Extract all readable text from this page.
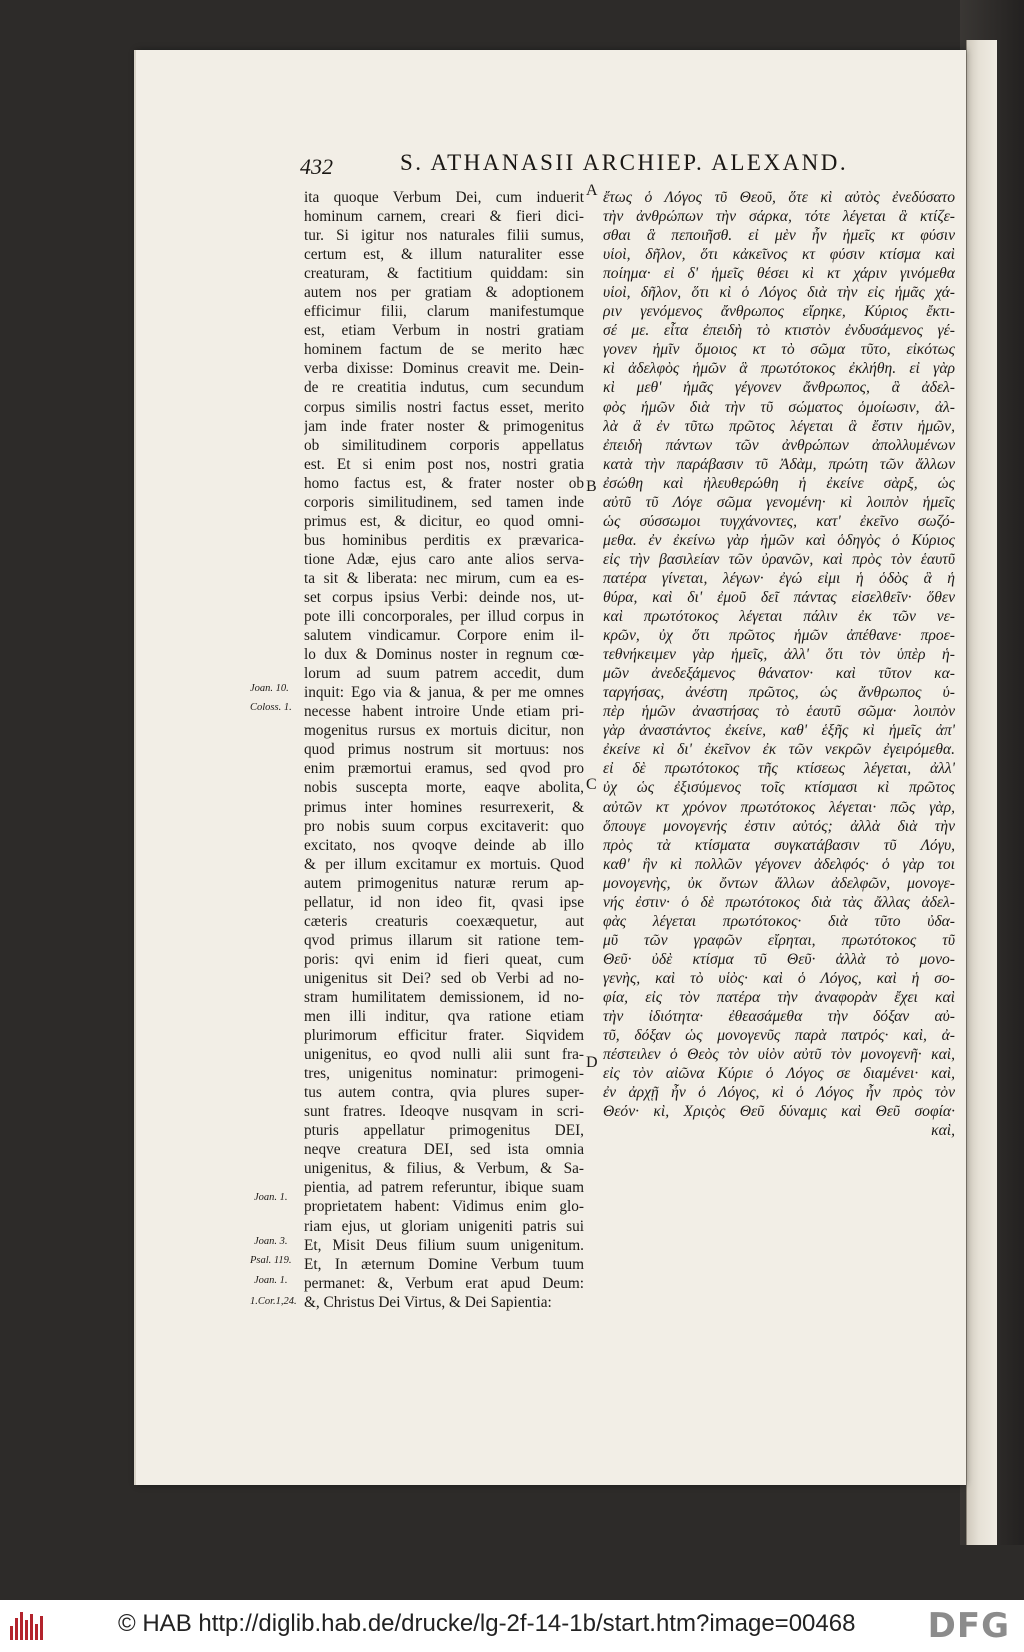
432	S. ATHANASII ARCHIEP. ALEXAND.
ita quoque Verbum Dei, cum induerit
hominum carnem, creari & fieri dici-
tur. Si igitur nos naturales filii sumus,
certum est, & illum naturaliter esse
creaturam, & factitium quiddam: sin
autem nos per gratiam & adoptionem
efficimur filii, clarum manifestumque
est, etiam Verbum in nostri gratiam
hominem factum de se merito hæc
verba dixisse: Dominus creavit me. Dein-
de re creatitia indutus, cum secundum
corpus similis nostri factus esset, merito
jam inde frater noster & primogenitus
ob similitudinem corporis appellatus
est. Et si enim post nos, nostri gratia
homo factus est, & frater noster ob
corporis similitudinem, sed tamen inde
primus est, & dicitur, eo quod omni-
bus hominibus perditis ex prævarica-
tione Adæ, ejus caro ante alios serva-
ta sit & liberata: nec mirum, cum ea es-
set corpus ipsius Verbi: deinde nos, ut-
pote illi concorporales, per illud corpus in
salutem vindicamur. Corpore enim il-
lo dux & Dominus noster in regnum cœ-
lorum ad suum patrem accedit, dum
inquit: Ego via & janua, & per me omnes
necesse habent introire Unde etiam pri-
mogenitus rursus ex mortuis dicitur, non
quod primus nostrum sit mortuus: nos
enim præmortui eramus, sed qvod pro
nobis suscepta morte, eaqve abolita,
primus inter homines resurrexerit, &
pro nobis suum corpus excitaverit: quo
excitato, nos qvoqve deinde ab illo
& per illum excitamur ex mortuis. Quod
autem primogenitus naturæ rerum ap-
pellatur, id non ideo fit, qvasi ipse
cæteris creaturis coexæquetur, aut
qvod primus illarum sit ratione tem-
poris: qvi enim id fieri queat, cum
unigenitus sit Dei? sed ob Verbi ad no-
stram humilitatem demissionem, id no-
men illi inditur, qva ratione etiam
plurimorum efficitur frater. Siqvidem
unigenitus, eo qvod nulli alii sunt fra-
tres, unigenitus nominatur: primogeni-
tus autem contra, qvia plures super-
sunt fratres. Ideoqve nusqvam in scri-
pturis appellatur primogenitus DEI,
neqve creatura DEI, sed ista omnia
unigenitus, & filius, & Verbum, & Sa-
pientia, ad patrem referuntur, ibique suam
proprietatem habent: Vidimus enim glo-
riam ejus, ut gloriam unigeniti patris sui
Et, Misit Deus filium suum unigenitum.
Et, In æternum Domine Verbum tuum
permanet: &, Verbum erat apud Deum:
&, Christus Dei Virtus, & Dei Sapientia:
ἔτως ὁ Λόγος τῦ Θεοῦ, ὅτε κὶ αὐτὸς ἐνεδύσατο
τὴν ἀνθρώπων τὴν σάρκα, τότε λέγεται ἃ κτίζε-
σθαι ἃ πεποιῆσθ. εἰ μὲν ἦν ἡμεῖς κτ φύσιν
υἱοὶ, δῆλον, ὅτι κἀκεῖνος κτ φύσιν κτίσμα καὶ
ποίημα· εἰ δ' ἡμεῖς θέσει κὶ κτ χάριν γινόμεθα
υἱοὶ, δῆλον, ὅτι κὶ ὁ Λόγος διὰ τὴν εἰς ἡμᾶς χά-
ριν γενόμενος ἄνθρωπος εἴρηκε, Κύριος ἔκτι-
σέ με. εἶτα ἐπειδὴ τὸ κτιστὸν ἐνδυσάμενος γέ-
γονεν ἡμῖν ὅμοιος κτ τὸ σῶμα τῦτο, εἰκότως
κὶ ἀδελφὸς ἡμῶν ἃ πρωτότοκος ἐκλήθη. εἰ γὰρ
κὶ μεθ' ἡμᾶς γέγονεν ἄνθρωπος, ἃ ἀδελ-
φὸς ἡμῶν διὰ τὴν τῦ σώματος ὁμοίωσιν, ἀλ-
λὰ ἃ ἐν τῦτω πρῶτος λέγεται ἃ ἔστιν ἡμῶν,
ἐπειδὴ πάντων τῶν ἀνθρώπων ἀπολλυμένων
κατὰ τὴν παράβασιν τῦ Ἀδὰμ, πρώτη τῶν ἄλλων
ἐσώθη καὶ ἠλευθερώθη ἡ ἐκείνε σὰρξ, ὡς
αὐτῦ τῦ Λόγε σῶμα γενομένη· κὶ λοιπὸν ἡμεῖς
ὡς σύσσωμοι τυγχάνοντες, κατ' ἐκεῖνο σωζό-
μεθα. ἐν ἐκείνω γὰρ ἡμῶν καὶ ὁδηγὸς ὁ Κύριος
εἰς τὴν βασιλείαν τῶν ὐρανῶν, καὶ πρὸς τὸν ἑαυτῦ
πατέρα γίνεται, λέγων· ἐγώ εἰμι ἡ ὁδὸς ἃ ἡ
θύρα, καὶ δι' ἐμοῦ δεῖ πάντας εἰσελθεῖν· ὅθεν
καὶ πρωτότοκος λέγεται πάλιν ἐκ τῶν νε-
κρῶν, ὐχ ὅτι πρῶτος ἡμῶν ἀπέθανε· προε-
τεθνήκειμεν γὰρ ἡμεῖς, ἀλλ' ὅτι τὸν ὑπὲρ ἡ-
μῶν ἀνεδεξάμενος θάνατον· καὶ τῦτον κα-
ταργήσας, ἀνέστη πρῶτος, ὡς ἄνθρωπος ὑ-
πὲρ ἡμῶν ἀναστήσας τὸ ἑαυτῦ σῶμα· λοιπὸν
γὰρ ἀναστάντος ἐκείνε, καθ' ἑξῆς κὶ ἡμεῖς ἀπ'
ἐκείνε κὶ δι' ἐκεῖνον ἐκ τῶν νεκρῶν ἐγειρόμεθα.
εἰ δὲ πρωτότοκος τῆς κτίσεως λέγεται, ἀλλ'
ὐχ ὡς ἐξισύμενος τοῖς κτίσμασι κὶ πρῶτος
αὐτῶν κτ χρόνον πρωτότοκος λέγεται· πῶς γὰρ,
ὅπουγε μονογενής ἐστιν αὐτός; ἀλλὰ διὰ τὴν
πρὸς τὰ κτίσματα συγκατάβασιν τῦ Λόγυ,
καθ' ἣν κὶ πολλῶν γέγονεν ἀδελφός· ὁ γὰρ τοι
μονογενὴς, ὐκ ὄντων ἄλλων ἀδελφῶν, μονογε-
νής ἐστιν· ὁ δὲ πρωτότοκος διὰ τὰς ἄλλας ἀδελ-
φὰς λέγεται πρωτότοκος· διὰ τῦτο ὐδα-
μῦ τῶν γραφῶν εἴρηται, πρωτότοκος τῦ
Θεῦ· ὐδὲ κτίσμα τῦ Θεῦ· ἀλλὰ τὸ μονο-
γενὴς, καὶ τὸ υἱὸς· καὶ ὁ Λόγος, καὶ ἡ σο-
φία, εἰς τὸν πατέρα τὴν ἀναφορὰν ἔχει καὶ
τὴν ἰδιότητα· ἐθεασάμεθα τὴν δόξαν αὐ-
τῦ, δόξαν ὡς μονογενῦς παρὰ πατρός· καὶ, ἀ-
πέστειλεν ὁ Θεὸς τὸν υἱὸν αὐτῦ τὸν μονογενῆ· καὶ,
εἰς τὸν αἰῶνα Κύριε ὁ Λόγος σε διαμένει· καὶ,
ἐν ἀρχῇ ἦν ὁ Λόγος, κὶ ὁ Λόγος ἦν πρὸς τὸν
Θεόν· κὶ, Χριςὸς Θεῦ δύναμις καὶ Θεῦ σοφία·
καὶ,
A
B
C
D
Joan. 10.
Coloss. 1.
Joan. 1.
Joan. 3.
Psal. 119.
Joan. 1.
1.Cor.1,24.
© HAB http://diglib.hab.de/drucke/lg-2f-14-1b/start.htm?image=00468 DFG
